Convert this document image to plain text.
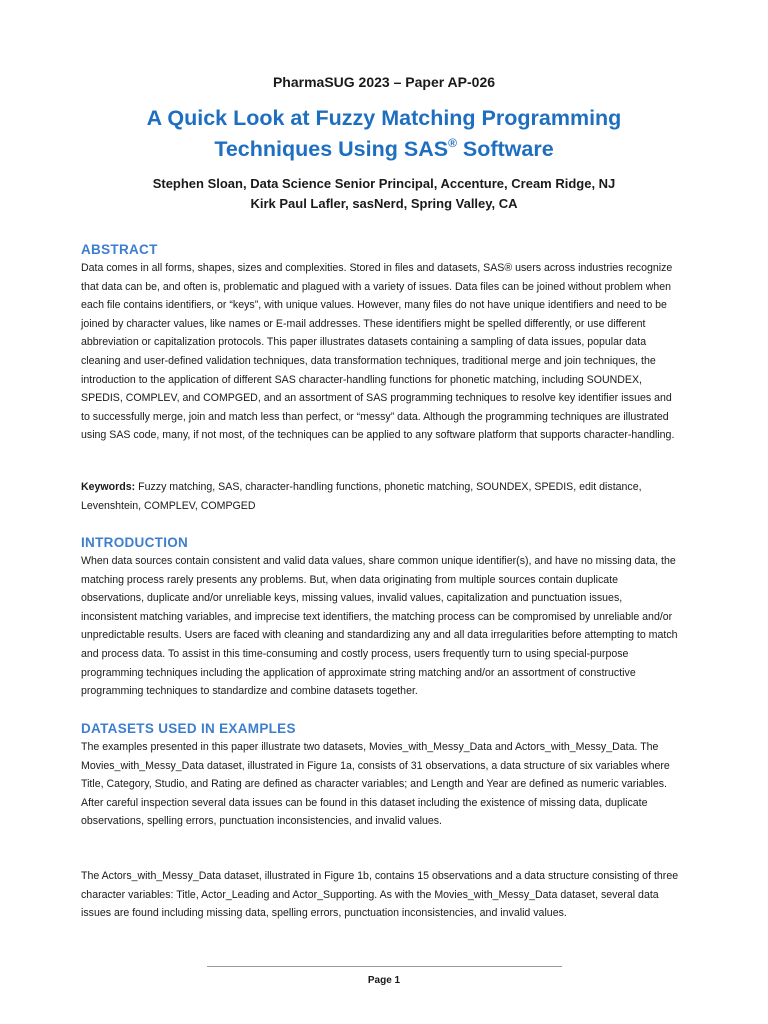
PharmaSUG 2023 – Paper AP-026
A Quick Look at Fuzzy Matching Programming
Techniques Using SAS® Software
Stephen Sloan, Data Science Senior Principal, Accenture, Cream Ridge, NJ
Kirk Paul Lafler, sasNerd, Spring Valley, CA
ABSTRACT
Data comes in all forms, shapes, sizes and complexities. Stored in files and datasets, SAS® users across industries recognize that data can be, and often is, problematic and plagued with a variety of issues. Data files can be joined without problem when each file contains identifiers, or “keys”, with unique values. However, many files do not have unique identifiers and need to be joined by character values, like names or E-mail addresses. These identifiers might be spelled differently, or use different abbreviation or capitalization protocols. This paper illustrates datasets containing a sampling of data issues, popular data cleaning and user-defined validation techniques, data transformation techniques, traditional merge and join techniques, the introduction to the application of different SAS character-handling functions for phonetic matching, including SOUNDEX, SPEDIS, COMPLEV, and COMPGED, and an assortment of SAS programming techniques to resolve key identifier issues and to successfully merge, join and match less than perfect, or “messy” data. Although the programming techniques are illustrated using SAS code, many, if not most, of the techniques can be applied to any software platform that supports character-handling.
Keywords: Fuzzy matching, SAS, character-handling functions, phonetic matching, SOUNDEX, SPEDIS, edit distance, Levenshtein, COMPLEV, COMPGED
INTRODUCTION
When data sources contain consistent and valid data values, share common unique identifier(s), and have no missing data, the matching process rarely presents any problems. But, when data originating from multiple sources contain duplicate observations, duplicate and/or unreliable keys, missing values, invalid values, capitalization and punctuation issues, inconsistent matching variables, and imprecise text identifiers, the matching process can be compromised by unreliable and/or unpredictable results. Users are faced with cleaning and standardizing any and all data irregularities before attempting to match and process data. To assist in this time-consuming and costly process, users frequently turn to using special-purpose programming techniques including the application of approximate string matching and/or an assortment of constructive programming techniques to standardize and combine datasets together.
DATASETS USED IN EXAMPLES
The examples presented in this paper illustrate two datasets, Movies_with_Messy_Data and Actors_with_Messy_Data. The Movies_with_Messy_Data dataset, illustrated in Figure 1a, consists of 31 observations, a data structure of six variables where Title, Category, Studio, and Rating are defined as character variables; and Length and Year are defined as numeric variables. After careful inspection several data issues can be found in this dataset including the existence of missing data, duplicate observations, spelling errors, punctuation inconsistencies, and invalid values.
The Actors_with_Messy_Data dataset, illustrated in Figure 1b, contains 15 observations and a data structure consisting of three character variables: Title, Actor_Leading and Actor_Supporting. As with the Movies_with_Messy_Data dataset, several data issues are found including missing data, spelling errors, punctuation inconsistencies, and invalid values.
Page 1
